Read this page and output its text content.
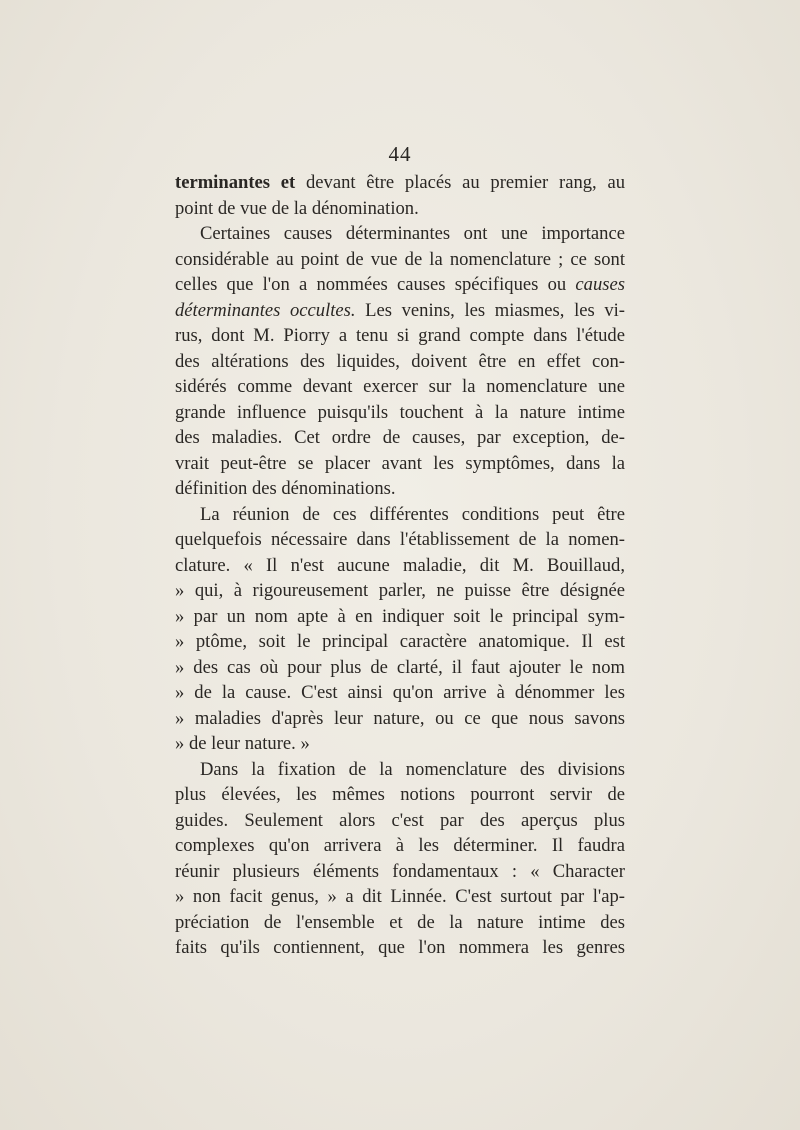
44
terminantes et devant être placés au premier rang, au
point de vue de la dénomination.
Certaines causes déterminantes ont une importance
considérable au point de vue de la nomenclature ; ce sont
celles que l'on a nommées causes spécifiques ou causes
déterminantes occultes. Les venins, les miasmes, les vi-
rus, dont M. Piorry a tenu si grand compte dans l'étude
des altérations des liquides, doivent être en effet con-
sidérés comme devant exercer sur la nomenclature une
grande influence puisqu'ils touchent à la nature intime
des maladies. Cet ordre de causes, par exception, de-
vrait peut-être se placer avant les symptômes, dans la
définition des dénominations.
La réunion de ces différentes conditions peut être
quelquefois nécessaire dans l'établissement de la nomen-
clature. « Il n'est aucune maladie, dit M. Bouillaud,
» qui, à rigoureusement parler, ne puisse être désignée
» par un nom apte à en indiquer soit le principal sym-
» ptôme, soit le principal caractère anatomique. Il est
» des cas où pour plus de clarté, il faut ajouter le nom
» de la cause. C'est ainsi qu'on arrive à dénommer les
» maladies d'après leur nature, ou ce que nous savons
» de leur nature. »
Dans la fixation de la nomenclature des divisions
plus élevées, les mêmes notions pourront servir de
guides. Seulement alors c'est par des aperçus plus
complexes qu'on arrivera à les déterminer. Il faudra
réunir plusieurs éléments fondamentaux : « Character
» non facit genus, » a dit Linnée. C'est surtout par l'ap-
préciation de l'ensemble et de la nature intime des
faits qu'ils contiennent, que l'on nommera les genres
